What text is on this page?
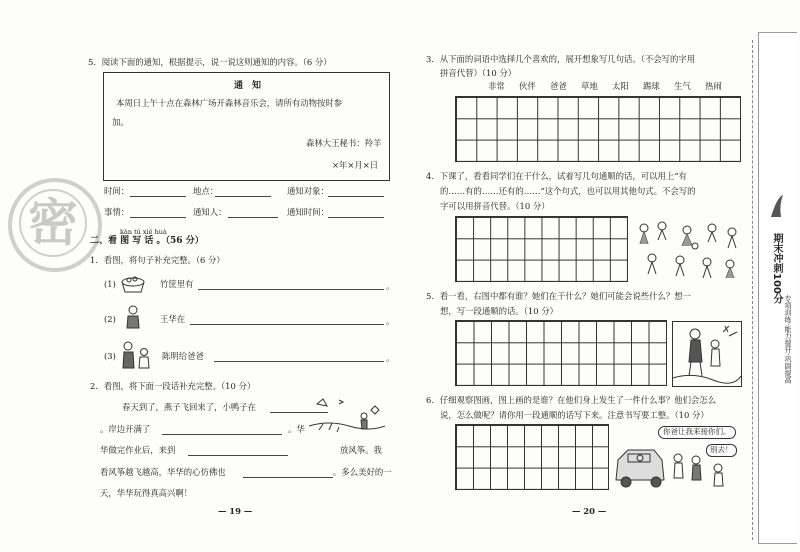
5．阅读下面的通知，根据提示，说一说这则通知的内容。（6 分）
通　知
本周日上午十点在森林广场开森林音乐会，请所有动物按时参
加。
森林大王秘书：羚羊
×年×月×日
时间：	地点：	通知对象：
事情：	通知人：	通知时间：
密	kàn tú xiě huà
二、看 图 写 话 。（56 分）
1．看图，将句子补充完整。（6 分）
(1)	竹筐里有	。
(2)	王华在	。
(3)	陈明给爸爸	。
2．看图，将下面一段话补充完整。（10 分）
春天到了，燕子飞回来了，小鸭子在
。岸边开满了	。华
华做完作业后，来到	放风筝。我
看风筝越飞越高，华华的心仿佛也	。多么美好的一
天，华华玩得真高兴啊！
— 19 —
3．从下面的词语中选择几个喜欢的，展开想象写几句话。（不会写的字用
拼音代替）（10 分）
非常 伙伴 爸爸 草地 太阳 踢球 生气 热闹
4．下课了，看看同学们在干什么，试着写几句通顺的话，可以用上“有
的……有的……还有的……”这个句式，也可以用其他句式。不会写的
字可以用拼音代替。（10 分）
5．看一看，右图中都有谁？她们在干什么？她们可能会说些什么？想一
想，写一段通顺的话。（10 分）
6．仔细观察图画，图上画的是谁？在他们身上发生了一件什么事？他们会怎么
说，怎么做呢？请你用一段通顺的话写下来。注意书写要工整。（10 分）
你爸让我来接你们。
别去！
— 20 —
期末冲刺100分
专项训练·能力提升·巩固提高
